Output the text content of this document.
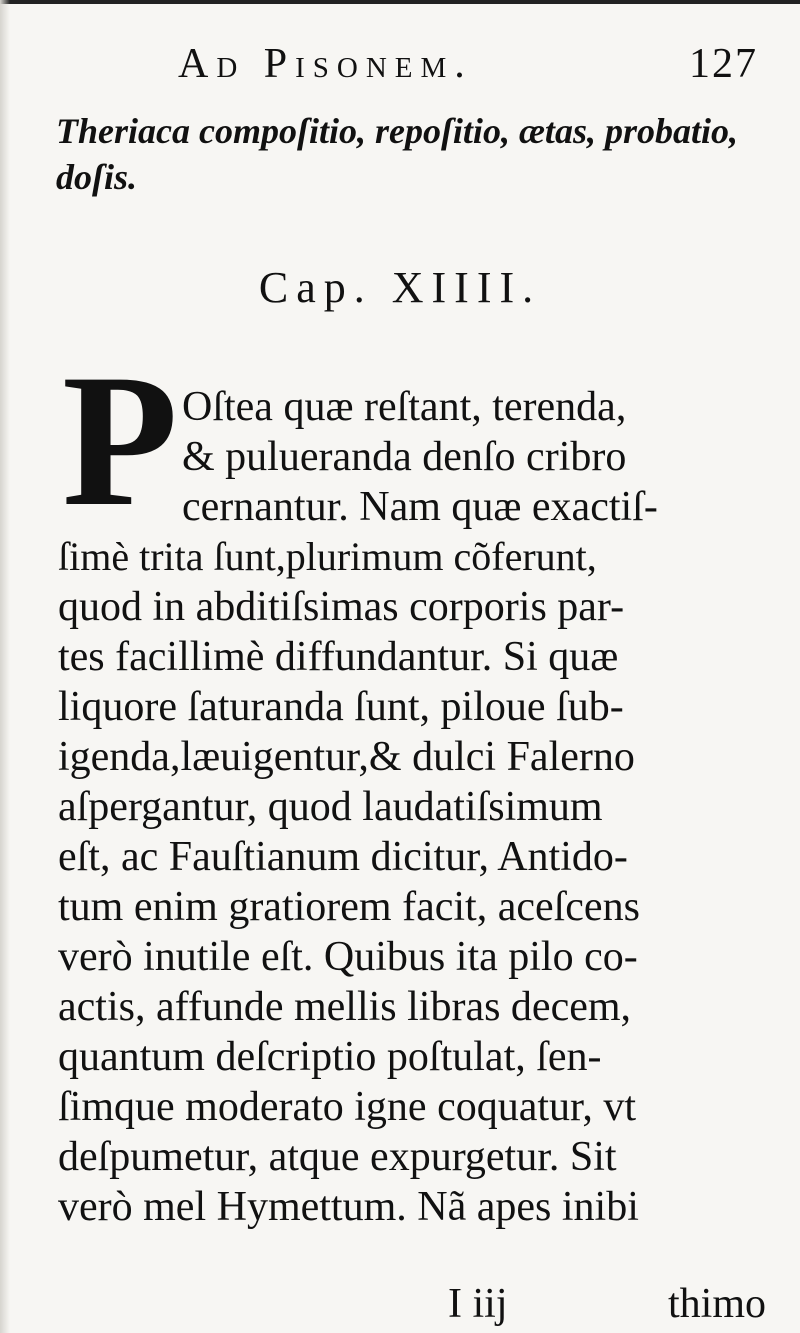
Ad Pisonem.	127
Theriaca compoſitio, repoſitio, ætas, probatio, doſis.
Cap. XIIII.
P Oſtea quæ reſtant, terenda,
& pulueranda denſo cribro
cernantur. Nam quæ exactiſ-
ſimè trita ſunt,plurimum cõferunt,
quod in abditiſsimas corporis par-
tes facillimè diffundantur. Si quæ
liquore ſaturanda ſunt, piloue ſub-
igenda,læuigentur,& dulci Falerno
aſpergantur, quod laudatiſsimum
eſt, ac Fauſtianum dicitur, Antido-
tum enim gratiorem facit, aceſcens
verò inutile eſt. Quibus ita pilo co-
actis, affunde mellis libras decem,
quantum deſcriptio poſtulat, ſen-
ſimque moderato igne coquatur, vt
deſpumetur, atque expurgetur. Sit
verò mel Hymettum. Nã apes inibi
I iij	thimo
